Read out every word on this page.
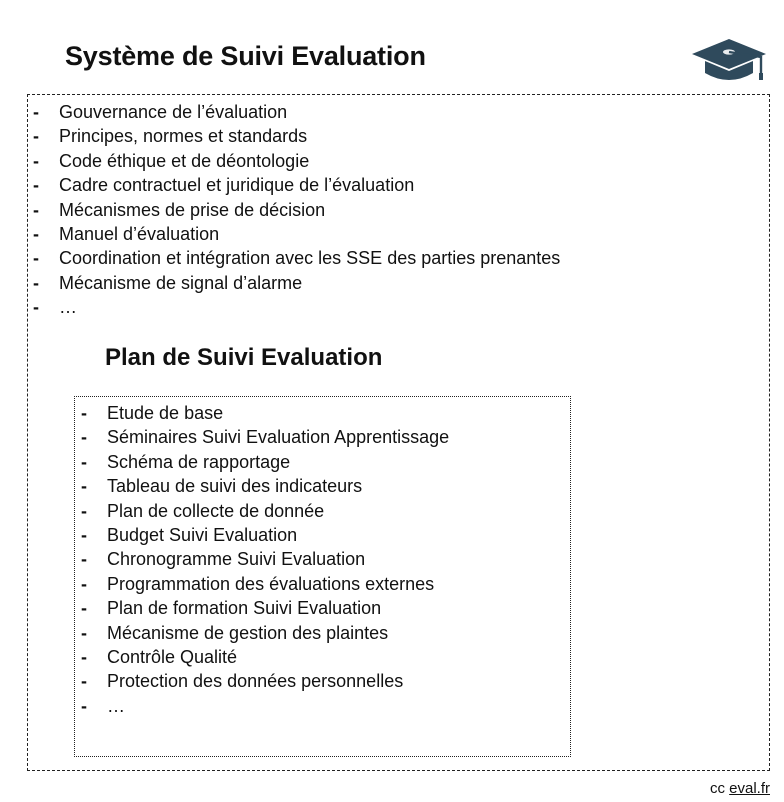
Système de Suivi Evaluation
- Gouvernance de l’évaluation
- Principes, normes et standards
- Code éthique et de déontologie
- Cadre contractuel et juridique de l’évaluation
- Mécanismes de prise de décision
- Manuel d’évaluation
- Coordination et intégration avec les SSE des parties prenantes
- Mécanisme de signal d’alarme
- …
Plan de Suivi Evaluation
- Etude de base
- Séminaires Suivi Evaluation Apprentissage
- Schéma de rapportage
- Tableau de suivi des indicateurs
- Plan de collecte de donnée
- Budget Suivi Evaluation
- Chronogramme Suivi Evaluation
- Programmation des évaluations externes
- Plan de formation Suivi Evaluation
- Mécanisme de gestion des plaintes
- Contrôle Qualité
- Protection des données personnelles
- …
cc eval.fr
